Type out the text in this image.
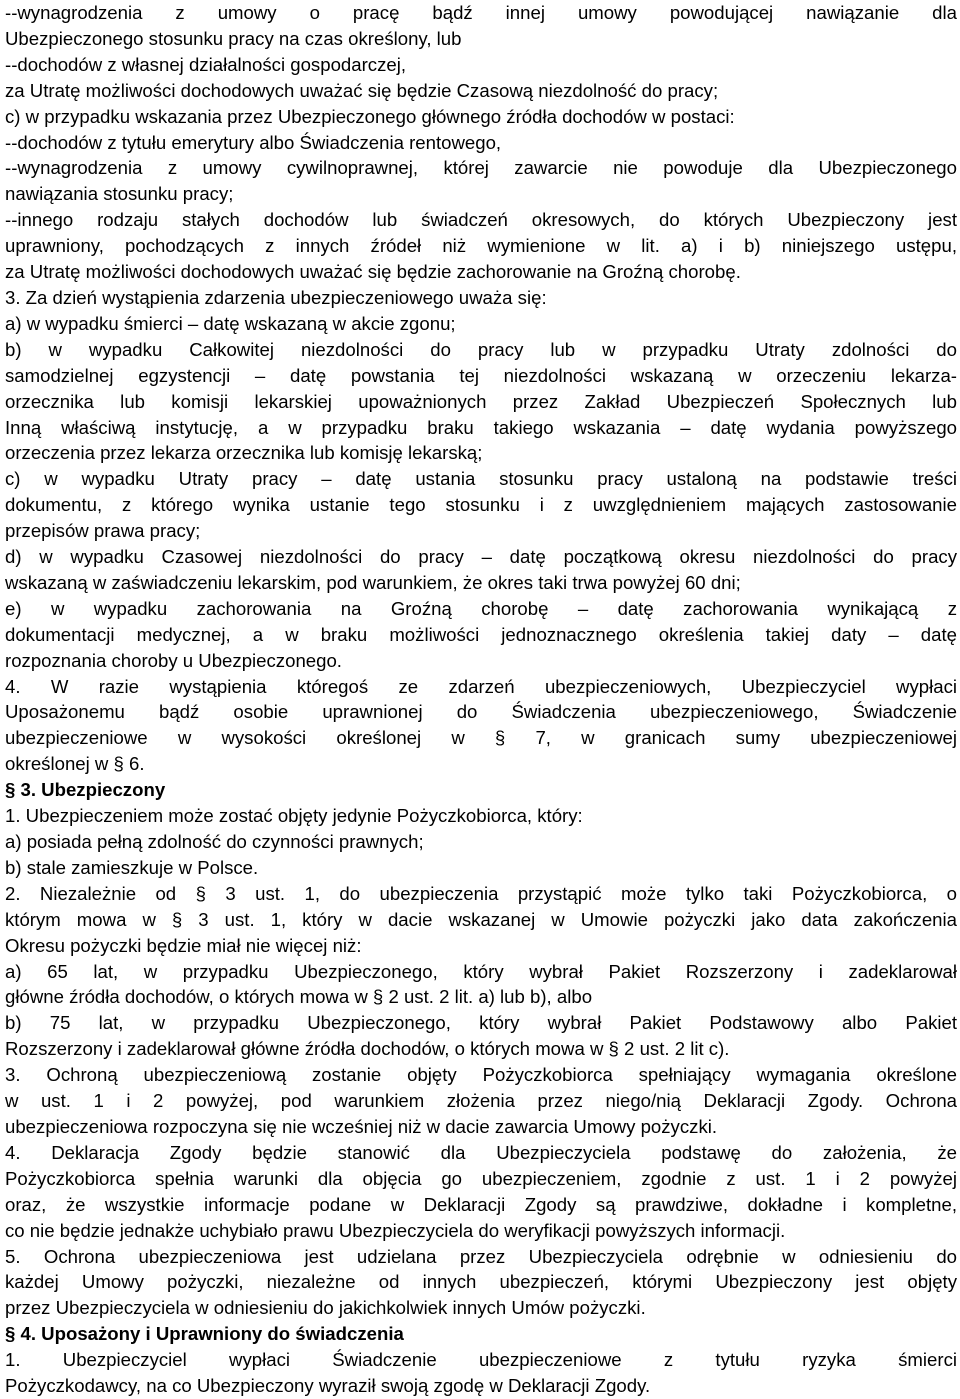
--wynagrodzenia z umowy o pracę bądź innej umowy powodującej nawiązanie dla
Ubezpieczonego stosunku pracy na czas określony, lub
--dochodów z własnej działalności gospodarczej,
za Utratę możliwości dochodowych uważać się będzie Czasową niezdolność do pracy;
c) w przypadku wskazania przez Ubezpieczonego głównego źródła dochodów w postaci:
--dochodów z tytułu emerytury albo Świadczenia rentowego,
--wynagrodzenia z umowy cywilnoprawnej, której zawarcie nie powoduje dla Ubezpieczonego
nawiązania stosunku pracy;
--innego rodzaju stałych dochodów lub świadczeń okresowych, do których Ubezpieczony jest
uprawniony, pochodzących z innych źródeł niż wymienione w lit. a) i b) niniejszego ustępu,
za Utratę możliwości dochodowych uważać się będzie zachorowanie na Groźną chorobę.
3. Za dzień wystąpienia zdarzenia ubezpieczeniowego uważa się:
a) w wypadku śmierci – datę wskazaną w akcie zgonu;
b) w wypadku Całkowitej niezdolności do pracy lub w przypadku Utraty zdolności do
samodzielnej egzystencji – datę powstania tej niezdolności wskazaną w orzeczeniu lekarza-
orzecznika lub komisji lekarskiej upoważnionych przez Zakład Ubezpieczeń Społecznych lub
Inną właściwą instytucję, a w przypadku braku takiego wskazania – datę wydania powyższego
orzeczenia przez lekarza orzecznika lub komisję lekarską;
c) w wypadku Utraty pracy – datę ustania stosunku pracy ustaloną na podstawie treści
dokumentu, z którego wynika ustanie tego stosunku i z uwzględnieniem mających zastosowanie
przepisów prawa pracy;
d) w wypadku Czasowej niezdolności do pracy – datę początkową okresu niezdolności do pracy
wskazaną w zaświadczeniu lekarskim, pod warunkiem, że okres taki trwa powyżej 60 dni;
e) w wypadku zachorowania na Groźną chorobę – datę zachorowania wynikającą z
dokumentacji medycznej, a w braku możliwości jednoznacznego określenia takiej daty – datę
rozpoznania choroby u Ubezpieczonego.
4. W razie wystąpienia któregoś ze zdarzeń ubezpieczeniowych, Ubezpieczyciel wypłaci
Uposażonemu bądź osobie uprawnionej do Świadczenia ubezpieczeniowego, Świadczenie
ubezpieczeniowe w wysokości określonej w § 7, w granicach sumy ubezpieczeniowej
określonej w § 6.
§ 3. Ubezpieczony
1. Ubezpieczeniem może zostać objęty jedynie Pożyczkobiorca, który:
a) posiada pełną zdolność do czynności prawnych;
b) stale zamieszkuje w Polsce.
2. Niezależnie od § 3 ust. 1, do ubezpieczenia przystąpić może tylko taki Pożyczkobiorca, o
którym mowa w § 3 ust. 1, który w dacie wskazanej w Umowie pożyczki jako data zakończenia
Okresu pożyczki będzie miał nie więcej niż:
a) 65 lat, w przypadku Ubezpieczonego, który wybrał Pakiet Rozszerzony i zadeklarował
główne źródła dochodów, o których mowa w § 2 ust. 2 lit. a) lub b), albo
b) 75 lat, w przypadku Ubezpieczonego, który wybrał Pakiet Podstawowy albo Pakiet
Rozszerzony i zadeklarował główne źródła dochodów, o których mowa w § 2 ust. 2 lit c).
3. Ochroną ubezpieczeniową zostanie objęty Pożyczkobiorca spełniający wymagania określone
w ust. 1 i 2 powyżej, pod warunkiem złożenia przez niego/nią Deklaracji Zgody. Ochrona
ubezpieczeniowa rozpoczyna się nie wcześniej niż w dacie zawarcia Umowy pożyczki.
4. Deklaracja Zgody będzie stanowić dla Ubezpieczyciela podstawę do założenia, że
Pożyczkobiorca spełnia warunki dla objęcia go ubezpieczeniem, zgodnie z ust. 1 i 2 powyżej
oraz, że wszystkie informacje podane w Deklaracji Zgody są prawdziwe, dokładne i kompletne,
co nie będzie jednakże uchybiało prawu Ubezpieczyciela do weryfikacji powyższych informacji.
5. Ochrona ubezpieczeniowa jest udzielana przez Ubezpieczyciela odrębnie w odniesieniu do
każdej Umowy pożyczki, niezależne od innych ubezpieczeń, którymi Ubezpieczony jest objęty
przez Ubezpieczyciela w odniesieniu do jakichkolwiek innych Umów pożyczki.
§ 4. Uposażony i Uprawniony do świadczenia
1. Ubezpieczyciel wypłaci Świadczenie ubezpieczeniowe z tytułu ryzyka śmierci
Pożyczkodawcy, na co Ubezpieczony wyraził swoją zgodę w Deklaracji Zgody.
